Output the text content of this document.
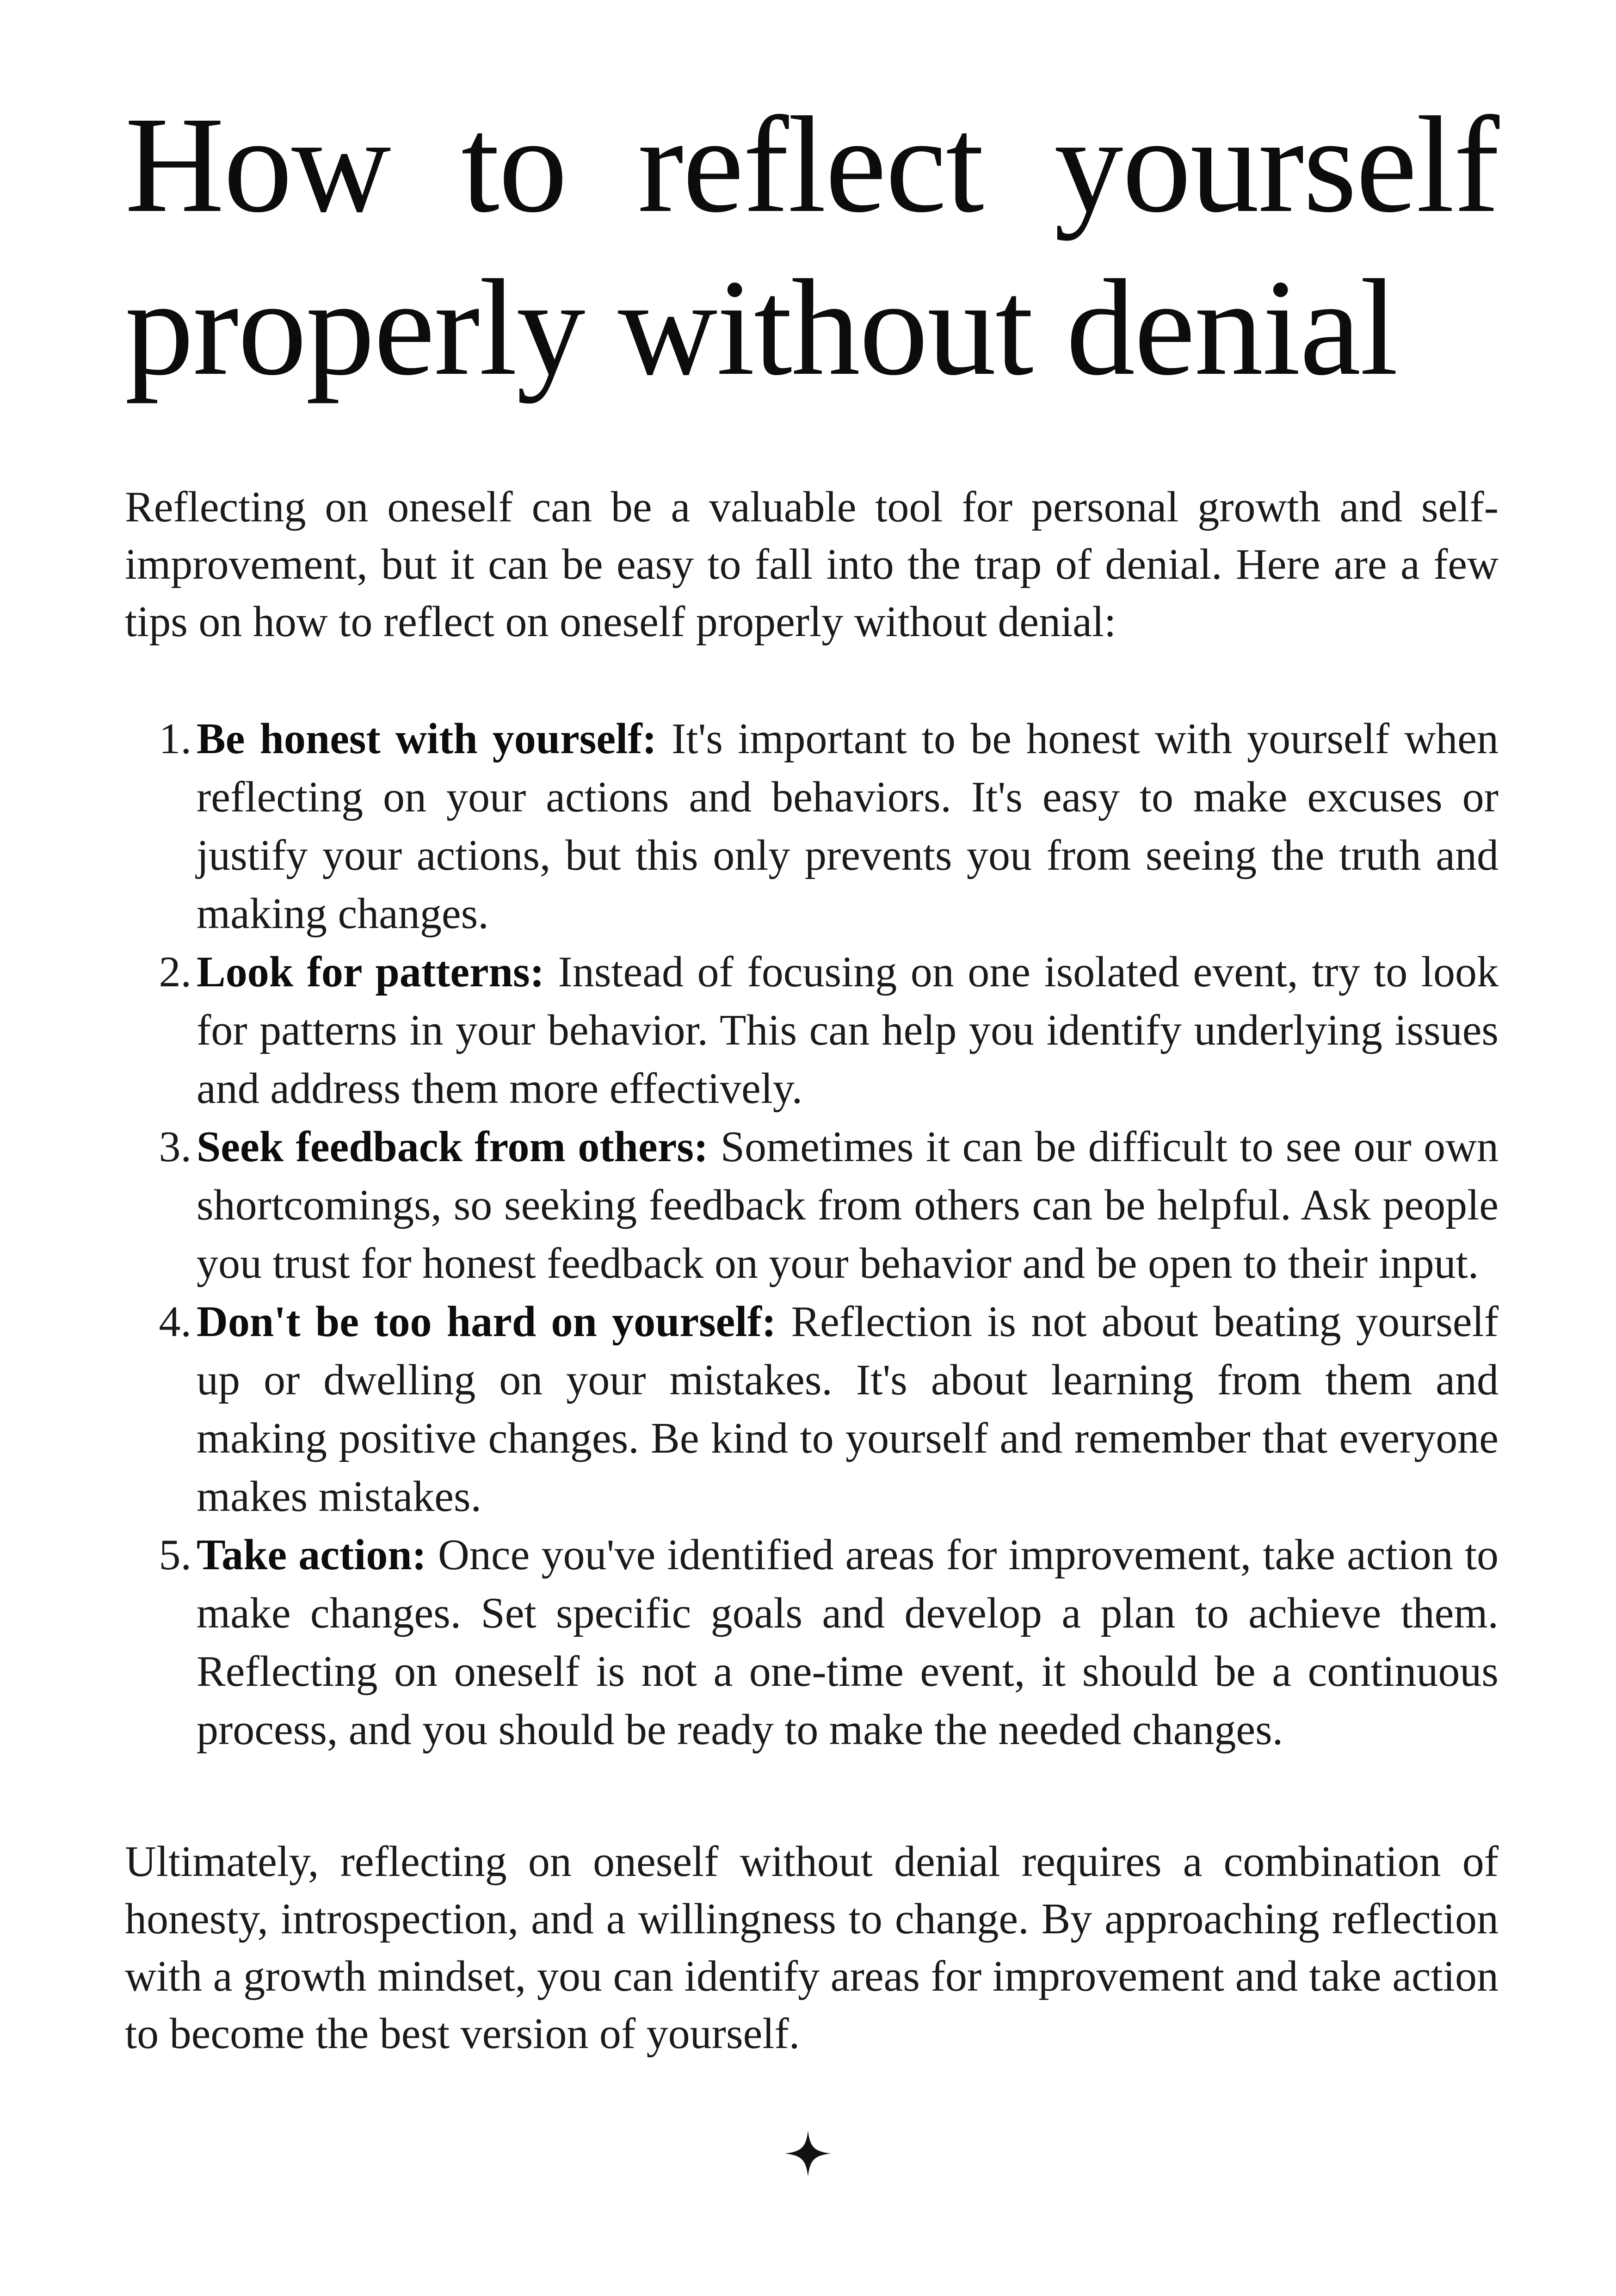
How to reflect yourself
properly without denial

Reflecting on oneself can be a valuable tool for personal growth and self-improvement, but it can be easy to fall into the trap of denial. Here are a few tips on how to reflect on oneself properly without denial:

1. Be honest with yourself: It's important to be honest with yourself when reflecting on your actions and behaviors. It's easy to make excuses or justify your actions, but this only prevents you from seeing the truth and making changes.
2. Look for patterns: Instead of focusing on one isolated event, try to look for patterns in your behavior. This can help you identify underlying issues and address them more effectively.
3. Seek feedback from others: Sometimes it can be difficult to see our own shortcomings, so seeking feedback from others can be helpful. Ask people you trust for honest feedback on your behavior and be open to their input.
4. Don't be too hard on yourself: Reflection is not about beating yourself up or dwelling on your mistakes. It's about learning from them and making positive changes. Be kind to yourself and remember that everyone makes mistakes.
5. Take action: Once you've identified areas for improvement, take action to make changes. Set specific goals and develop a plan to achieve them. Reflecting on oneself is not a one-time event, it should be a continuous process, and you should be ready to make the needed changes.

Ultimately, reflecting on oneself without denial requires a combination of honesty, introspection, and a willingness to change. By approaching reflection with a growth mindset, you can identify areas for improvement and take action to become the best version of yourself.
